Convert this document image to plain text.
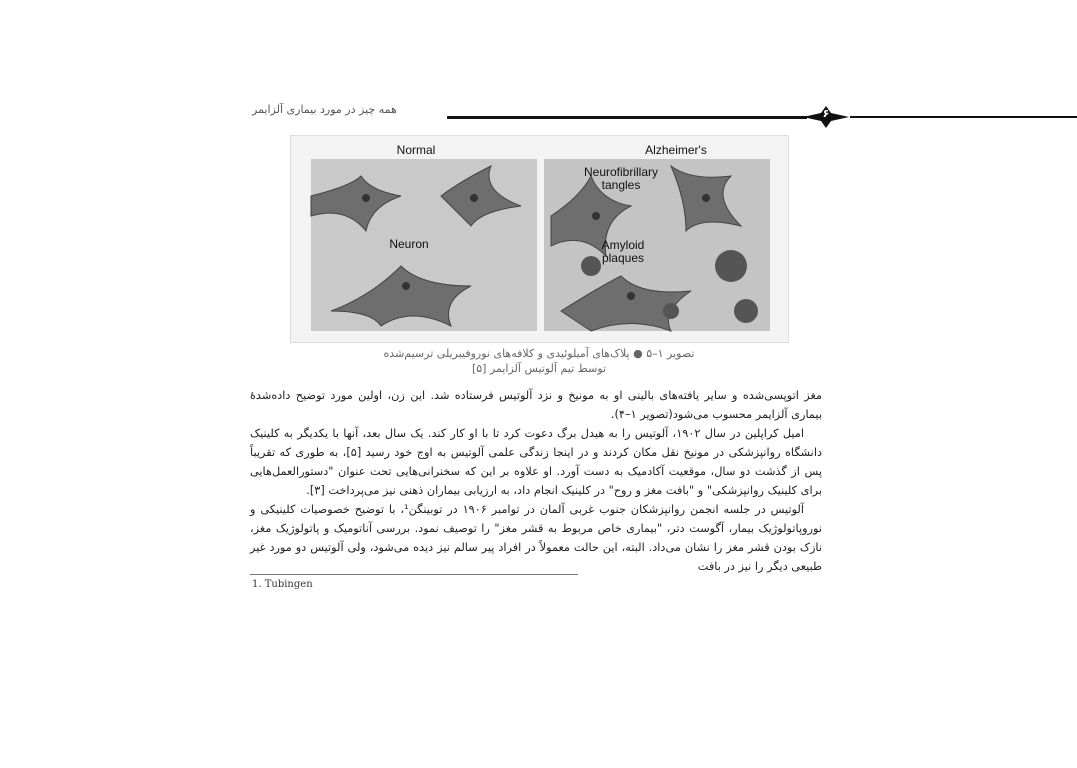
همه چیز در مورد بیماری آلزایمر	۶
Normal	Alzheimer's
Neuron
Neurofibrillary
tangles
Amyloid
plaques
تصویر ۱–۵ ● پلاک‌های آمیلوئیدی و کلافه‌های نوروفیبریلی ترسیم‌شده
توسط تیم آلوتیس آلزایمر [۵]

مغز اتوپسی‌شده و سایر یافته‌های بالینی او به مونیخ و نزد آلوتیس فرستاده شد. این زن، اولین مورد توضیح داده‌شدهٔ بیماری آلزایمر محسوب می‌شود(تصویر ۱–۴).

امیل کراپلین در سال ۱۹۰۲، آلوتیس را به هیدل برگ دعوت کرد تا با او کار کند. یک سال بعد، آنها با یکدیگر به کلینیک دانشگاه روانپزشکی در مونیخ نقل مکان کردند و در اینجا زندگی علمی آلوتیس به اوج خود رسید [۵]، به طوری که تقریباً پس از گذشت دو سال، موقعیت آکادمیک به دست آورد. او علاوه بر این که سخنرانی‌هایی تحت عنوان "دستورالعمل‌هایی برای کلینیک روانپزشکی" و "بافت مغز و روح" در کلینیک انجام داد، به ارزیابی بیماران ذهنی نیز می‌پرداخت [۳].

آلوتیس در جلسه انجمن روانپزشکان جنوب غربی آلمان در توامبر ۱۹۰۶ در توبینگن¹، با توضیح خصوصیات کلینیکی و نوروپاتولوژیک بیمار، آگوست دتر، "بیماری خاص مربوط به قشر مغز" را توصیف نمود. بررسی آناتومیک و پاتولوژیک مغز، نازک بودن قشر مغز را نشان می‌داد. البته، این حالت معمولاً در افراد پیر سالم نیز دیده می‌شود، ولی آلوتیس دو مورد غیر طبیعی دیگر را نیز در بافت

1. Tubingen
